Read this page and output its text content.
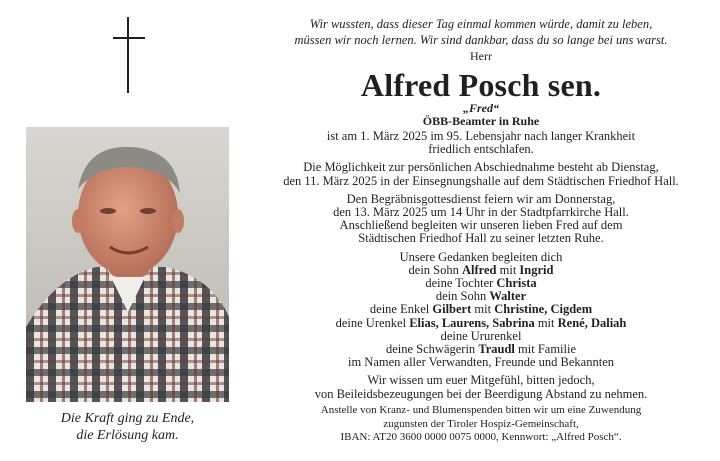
Die Kraft ging zu Ende,
die Erlösung kam.
Wir wussten, dass dieser Tag einmal kommen würde, damit zu leben,
müssen wir noch lernen. Wir sind dankbar, dass du so lange bei uns warst.
Herr
Alfred Posch sen.
„Fred“
ÖBB-Beamter in Ruhe

ist am 1. März 2025 im 95. Lebensjahr nach langer Krankheit

friedlich entschlafen.

Die Möglichkeit zur persönlichen Abschiednahme besteht ab Dienstag,

den 11. März 2025 in der Einsegnungshalle auf dem Städtischen Friedhof Hall.

Den Begräbnisgottesdienst feiern wir am Donnerstag,

den 13. März 2025 um 14 Uhr in der Stadtpfarrkirche Hall.

Anschließend begleiten wir unseren lieben Fred auf dem

Städtischen Friedhof Hall zu seiner letzten Ruhe.

Unsere Gedanken begleiten dich

dein Sohn Alfred mit Ingrid

deine Tochter Christa

dein Sohn Walter

deine Enkel Gilbert mit Christine, Cigdem

deine Urenkel Elias, Laurens, Sabrina mit René, Daliah

deine Ururenkel

deine Schwägerin Traudl mit Familie

im Namen aller Verwandten, Freunde und Bekannten

Wir wissen um euer Mitgefühl, bitten jedoch,

von Beileidsbezeugungen bei der Beerdigung Abstand zu nehmen.

Anstelle von Kranz- und Blumenspenden bitten wir um eine Zuwendung
zugunsten der Tiroler Hospiz-Gemeinschaft,
IBAN: AT20 3600 0000 0075 0000, Kennwort: „Alfred Posch“.
